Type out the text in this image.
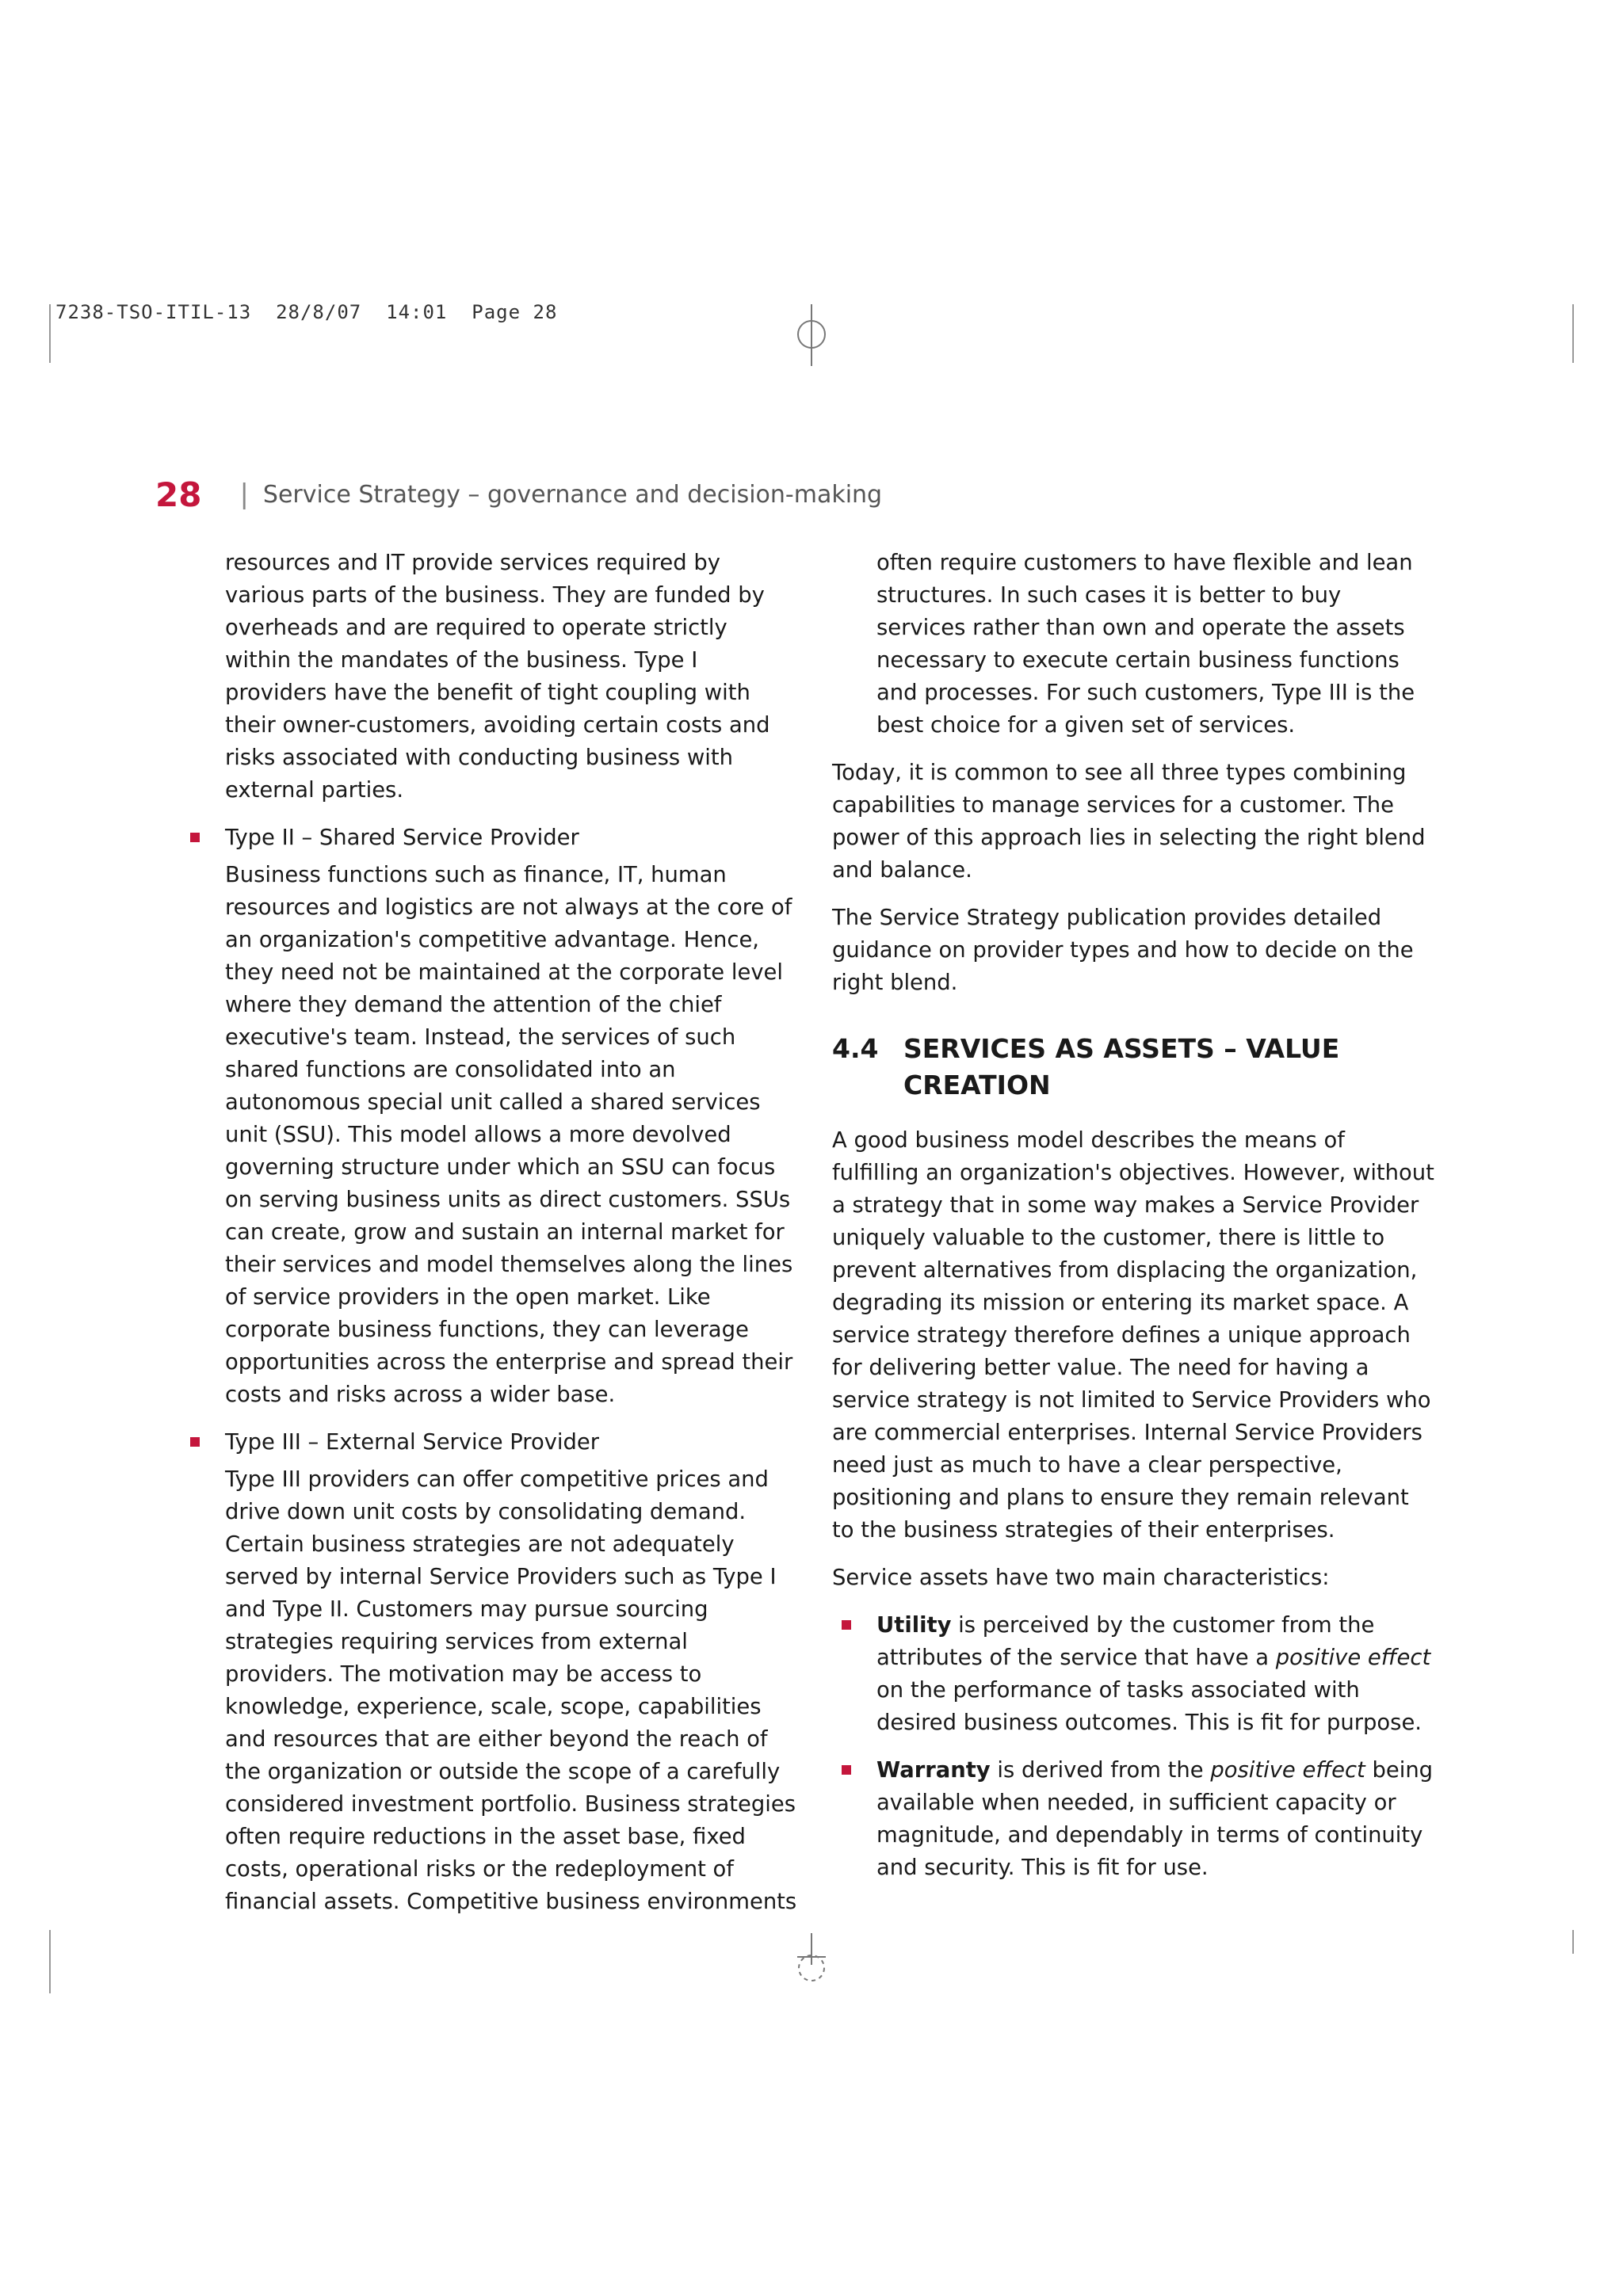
7238-TSO-ITIL-13  28/8/07  14:01  Page 28
28 | Service Strategy – governance and decision-making

resources and IT provide services required by various parts of the business. They are funded by overheads and are required to operate strictly within the mandates of the business. Type I providers have the benefit of tight coupling with their owner-customers, avoiding certain costs and risks associated with conducting business with external parties.

Type II – Shared Service Provider
Business functions such as finance, IT, human resources and logistics are not always at the core of an organization's competitive advantage. Hence, they need not be maintained at the corporate level where they demand the attention of the chief executive's team. Instead, the services of such shared functions are consolidated into an autonomous special unit called a shared services unit (SSU). This model allows a more devolved governing structure under which an SSU can focus on serving business units as direct customers. SSUs can create, grow and sustain an internal market for their services and model themselves along the lines of service providers in the open market. Like corporate business functions, they can leverage opportunities across the enterprise and spread their costs and risks across a wider base.
Type III – External Service Provider
Type III providers can offer competitive prices and drive down unit costs by consolidating demand. Certain business strategies are not adequately served by internal Service Providers such as Type I and Type II. Customers may pursue sourcing strategies requiring services from external providers. The motivation may be access to knowledge, experience, scale, scope, capabilities and resources that are either beyond the reach of the organization or outside the scope of a carefully considered investment portfolio. Business strategies often require reductions in the asset base, fixed costs, operational risks or the redeployment of financial assets. Competitive business environments

often require customers to have flexible and lean structures. In such cases it is better to buy services rather than own and operate the assets necessary to execute certain business functions and processes. For such customers, Type III is the best choice for a given set of services.

Today, it is common to see all three types combining capabilities to manage services for a customer. The power of this approach lies in selecting the right blend and balance.

The Service Strategy publication provides detailed guidance on provider types and how to decide on the right blend.

4.4 SERVICES AS ASSETS – VALUE CREATION

A good business model describes the means of fulfilling an organization's objectives. However, without a strategy that in some way makes a Service Provider uniquely valuable to the customer, there is little to prevent alternatives from displacing the organization, degrading its mission or entering its market space. A service strategy therefore defines a unique approach for delivering better value. The need for having a service strategy is not limited to Service Providers who are commercial enterprises. Internal Service Providers need just as much to have a clear perspective, positioning and plans to ensure they remain relevant to the business strategies of their enterprises.

Service assets have two main characteristics:

Utility is perceived by the customer from the attributes of the service that have a positive effect on the performance of tasks associated with desired business outcomes. This is fit for purpose.
Warranty is derived from the positive effect being available when needed, in sufficient capacity or magnitude, and dependably in terms of continuity and security. This is fit for use.
